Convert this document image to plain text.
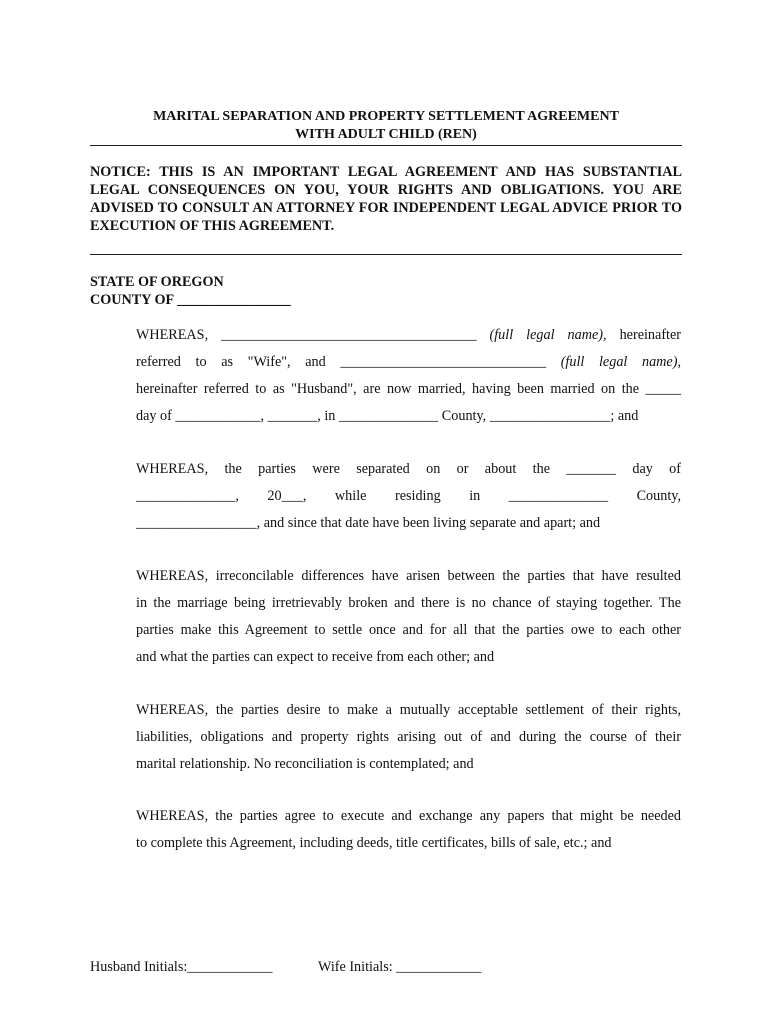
MARITAL SEPARATION AND PROPERTY SETTLEMENT AGREEMENT
WITH ADULT CHILD (REN)
NOTICE: THIS IS AN IMPORTANT LEGAL AGREEMENT AND HAS SUBSTANTIAL LEGAL CONSEQUENCES ON YOU, YOUR RIGHTS AND OBLIGATIONS. YOU ARE ADVISED TO CONSULT AN ATTORNEY FOR INDEPENDENT LEGAL ADVICE PRIOR TO EXECUTION OF THIS AGREEMENT.
STATE OF OREGON
COUNTY OF ________________
WHEREAS, ____________________________________ (full legal name), hereinafter
referred to as "Wife", and _____________________________ (full legal name),
hereinafter referred to as "Husband", are now married, having been married on the _____
day of ____________, _______, in ______________ County, _________________; and
WHEREAS, the parties were separated on or about the _______ day of
______________, 20___, while residing in ______________ County,
_________________, and since that date have been living separate and apart; and
WHEREAS, irreconcilable differences have arisen between the parties that have resulted
in the marriage being irretrievably broken and there is no chance of staying together. The
parties make this Agreement to settle once and for all that the parties owe to each other
and what the parties can expect to receive from each other; and
WHEREAS, the parties desire to make a mutually acceptable settlement of their rights,
liabilities, obligations and property rights arising out of and during the course of their
marital relationship. No reconciliation is contemplated; and
WHEREAS, the parties agree to execute and exchange any papers that might be needed
to complete this Agreement, including deeds, title certificates, bills of sale, etc.; and
Husband Initials:____________	Wife Initials: ____________
